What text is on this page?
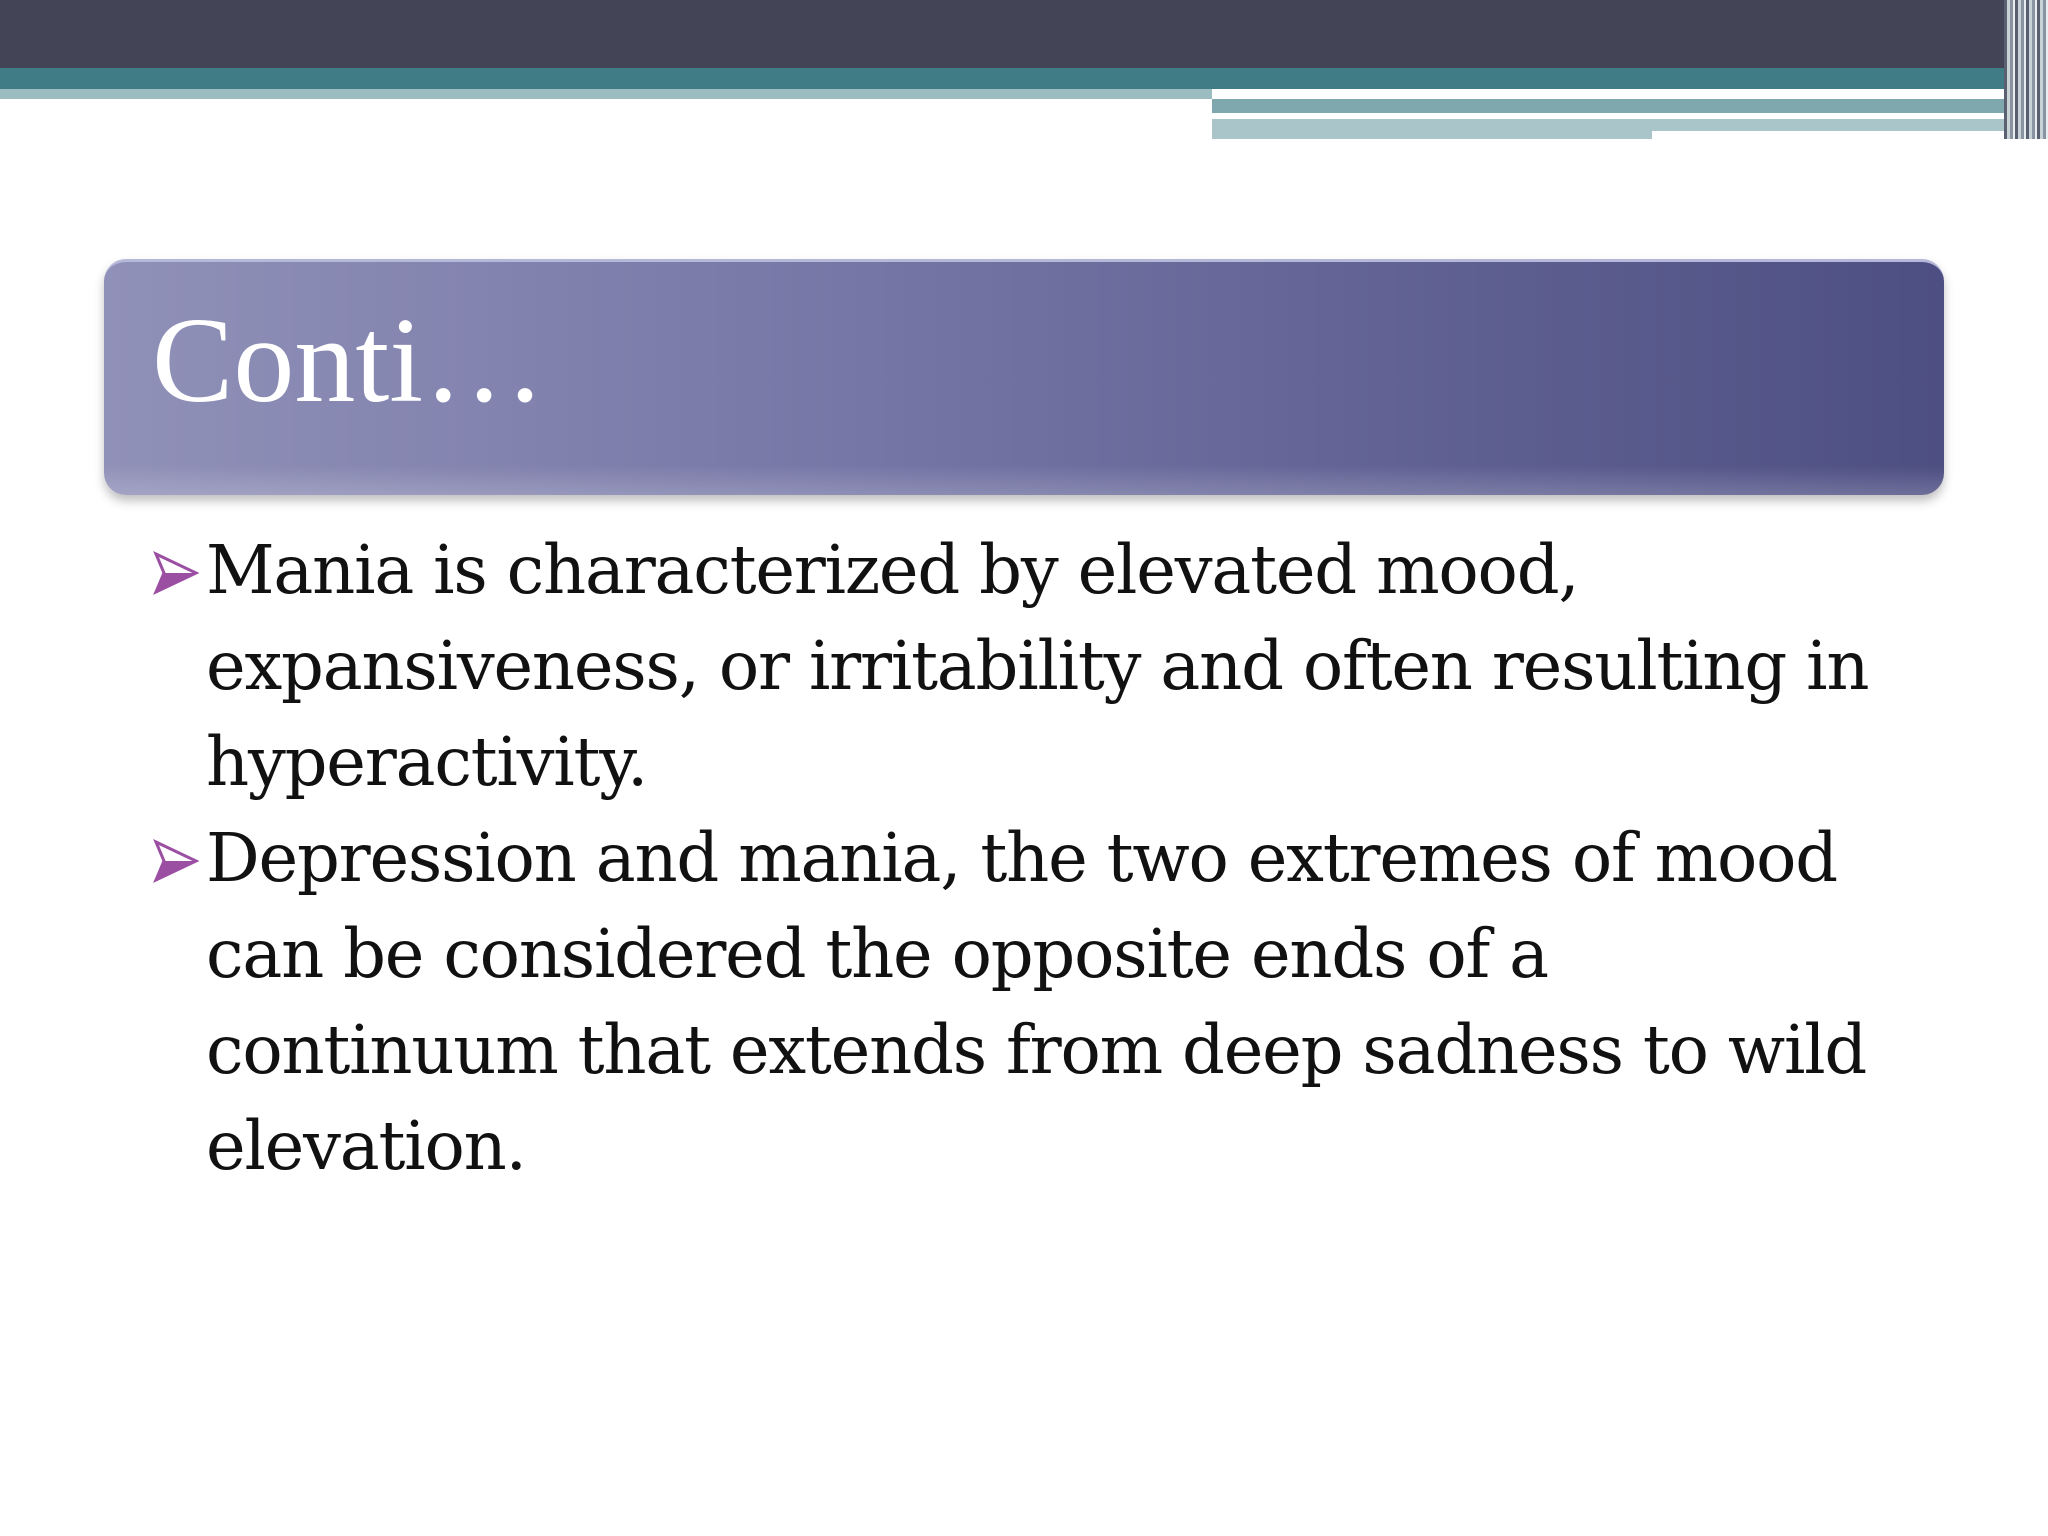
Conti…
Mania is characterized by elevated mood, expansiveness, or irritability and often resulting in hyperactivity.
Depression and mania, the two extremes of mood can be considered the opposite ends of a continuum that extends from deep sadness to wild elevation.
